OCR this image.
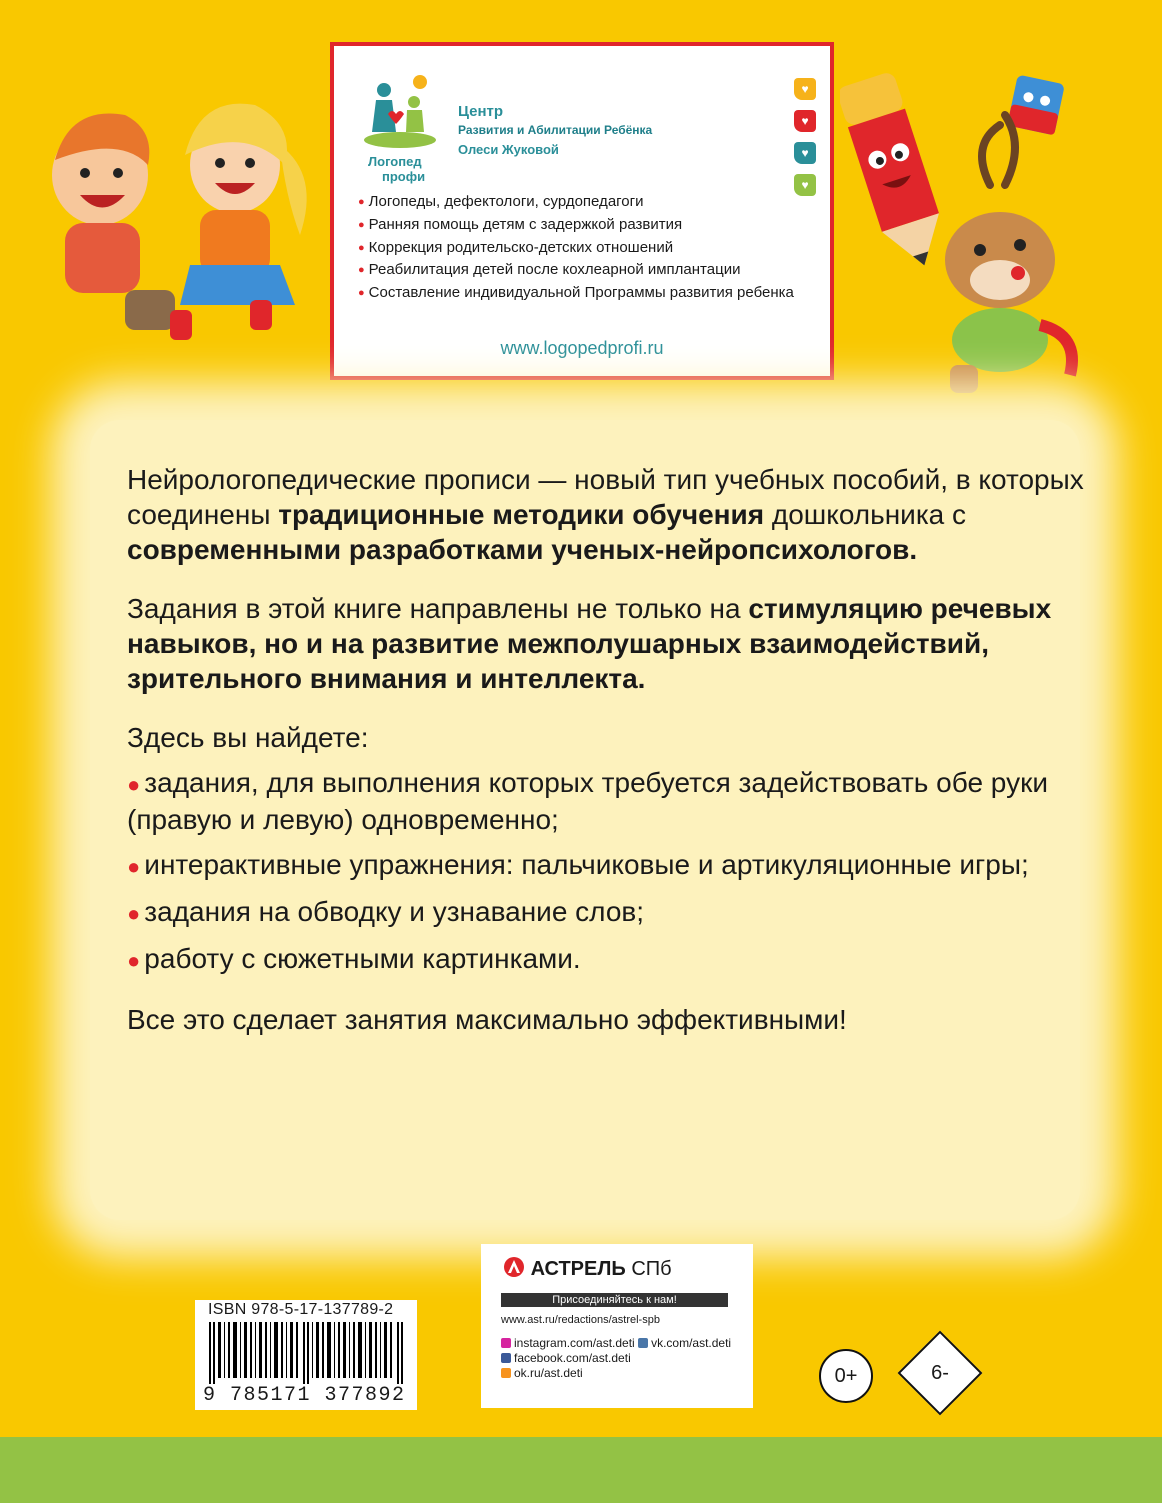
Логопед
профи
Центр
Развития и Абилитации Ребёнка
Олеси Жуковой
♥
♥
♥
♥
● Логопеды, дефектологи, сурдопедагоги
● Ранняя помощь детям с задержкой развития
● Коррекция родительско-детских отношений
● Реабилитация детей после кохлеарной имплантации
● Составление индивидуальной Программы развития ребенка
www.logopedprofi.ru

Нейрологопедические прописи — новый тип учебных пособий, в которых соединены традиционные методики обучения дошкольника с современными разработками ученых-нейропсихологов.

Задания в этой книге направлены не только на стимуляцию речевых навыков, но и на развитие межполушарных взаимодействий, зрительного внимания и интеллекта.

Здесь вы найдете:

● задания, для выполнения которых требуется задействовать обе руки (правую и левую) одновременно;

● интерактивные упражнения: пальчиковые и артикуляционные игры;

● задания на обводку и узнавание слов;

● работу с сюжетными картинками.

Все это сделает занятия максимально эффективными!

ISBN 978-5-17-137789-2
9 785171 377892
АСТРЕЛЬ СПб
Присоединяйтесь к нам!
www.ast.ru/redactions/astrel-spb
instagram.com/ast.deti vk.com/ast.deti
facebook.com/ast.deti
ok.ru/ast.deti	0+	6-
